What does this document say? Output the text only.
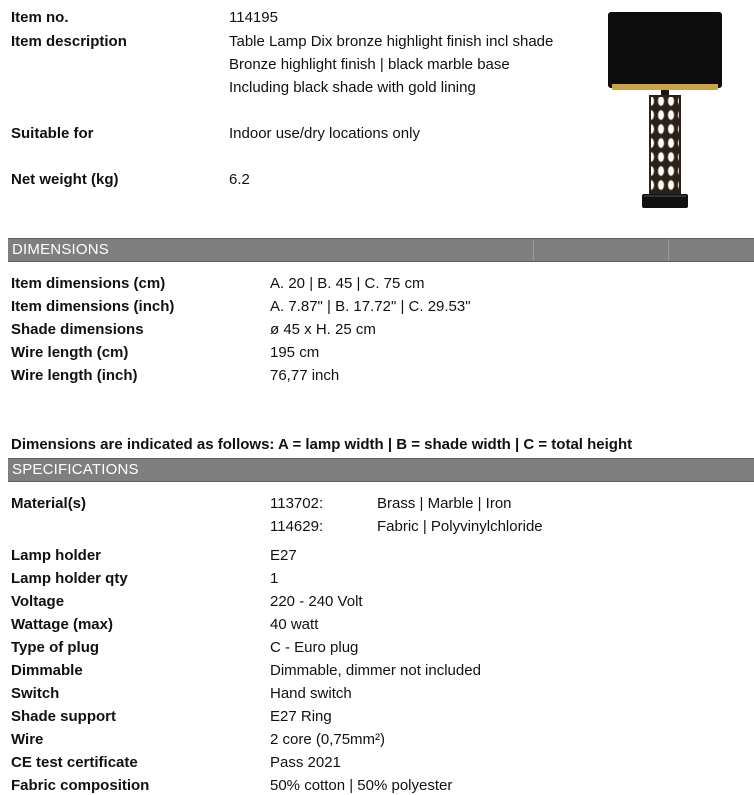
Item no.	114195
Item description	Table Lamp Dix bronze highlight finish incl shade
Bronze highlight finish | black marble base
Including black shade with gold lining
Suitable for	Indoor use/dry locations only
Net weight (kg)	6.2
DIMENSIONS
Item dimensions (cm)	A. 20 | B. 45 | C. 75 cm
Item dimensions (inch)	A. 7.87" | B. 17.72" | C. 29.53"
Shade dimensions	ø 45 x H. 25 cm
Wire length (cm)	195 cm
Wire length (inch)	76,77 inch
Dimensions are indicated as follows: A = lamp width | B = shade width | C = total height
SPECIFICATIONS
Material(s)	113702:	Brass | Marble | Iron
114629:	Fabric | Polyvinylchloride
Lamp holder	E27
Lamp holder qty	1
Voltage	220 - 240 Volt
Wattage (max)	40 watt
Type of plug	C - Euro plug
Dimmable	Dimmable, dimmer not included
Switch	Hand switch
Shade support	E27 Ring
Wire	2 core (0,75mm²)
CE test certificate	Pass 2021
Fabric composition	50% cotton | 50% polyester
